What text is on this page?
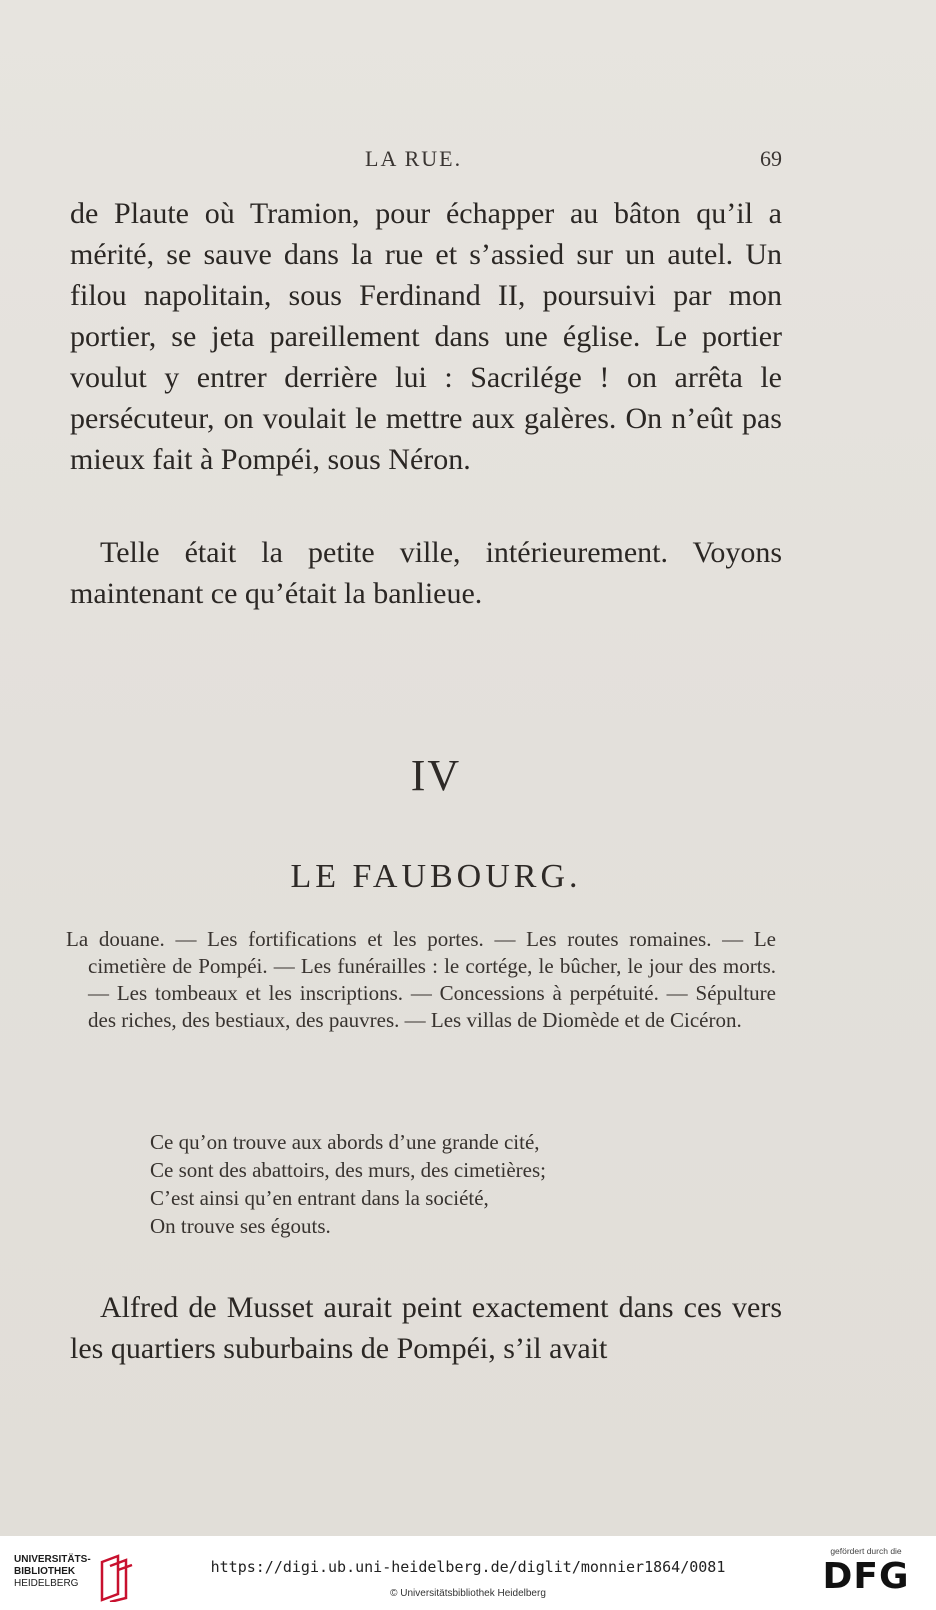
LA RUE.	69
de Plaute où Tramion, pour échapper au bâton qu’il a mérité, se sauve dans la rue et s’assied sur un autel. Un filou napolitain, sous Ferdinand II, poursuivi par mon portier, se jeta pareillement dans une église. Le portier voulut y entrer derrière lui : Sacrilége ! on arrêta le persécuteur, on voulait le mettre aux galères. On n’eût pas mieux fait à Pompéi, sous Néron.
Telle était la petite ville, intérieurement. Voyons maintenant ce qu’était la banlieue.
IV
LE FAUBOURG.
La douane. — Les fortifications et les portes. — Les routes romaines. — Le cimetière de Pompéi. — Les funérailles : le cortége, le bûcher, le jour des morts. — Les tombeaux et les inscriptions. — Concessions à perpétuité. — Sépulture des riches, des bestiaux, des pauvres. — Les villas de Diomède et de Cicéron.
Ce qu’on trouve aux abords d’une grande cité,
Ce sont des abattoirs, des murs, des cimetières;
C’est ainsi qu’en entrant dans la société,
On trouve ses égouts.
Alfred de Musset aurait peint exactement dans ces vers les quartiers suburbains de Pompéi, s’il avait
UNIVERSITÄTS-
BIBLIOTHEK
HEIDELBERG
https://digi.ub.uni-heidelberg.de/diglit/monnier1864/0081
© Universitätsbibliothek Heidelberg
gefördert durch die
DFG
